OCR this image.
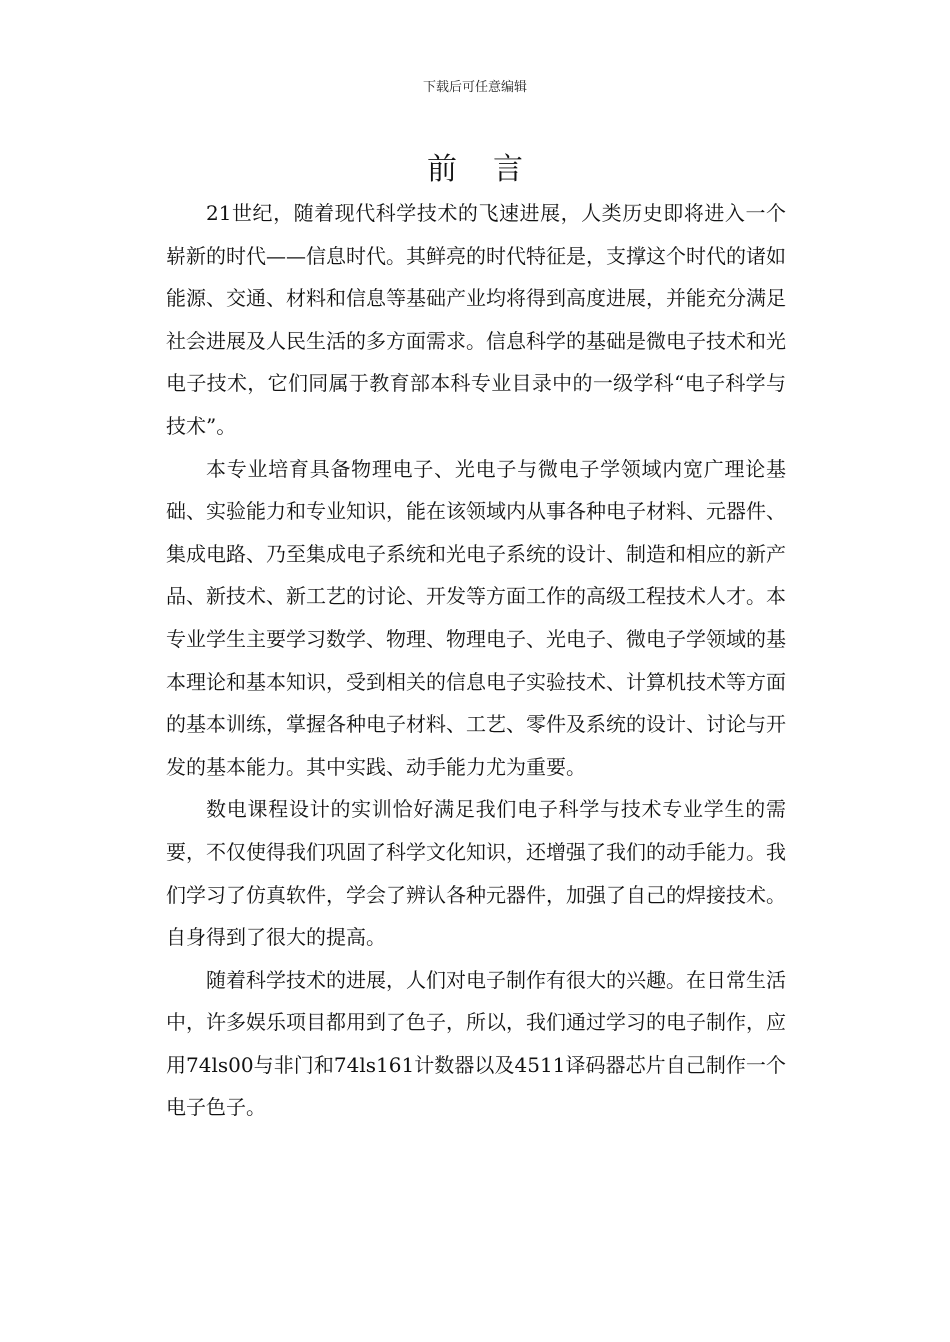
下载后可任意编辑
前言

21世纪，随着现代科学技术的飞速进展，人类历史即将进入一个崭新的时代——信息时代。其鲜亮的时代特征是，支撑这个时代的诸如能源、交通、材料和信息等基础产业均将得到高度进展，并能充分满足社会进展及人民生活的多方面需求。信息科学的基础是微电子技术和光电子技术，它们同属于教育部本科专业目录中的一级学科“电子科学与技术”。

本专业培育具备物理电子、光电子与微电子学领域内宽广理论基础、实验能力和专业知识，能在该领域内从事各种电子材料、元器件、集成电路、乃至集成电子系统和光电子系统的设计、制造和相应的新产品、新技术、新工艺的讨论、开发等方面工作的高级工程技术人才。本专业学生主要学习数学、物理、物理电子、光电子、微电子学领域的基本理论和基本知识，受到相关的信息电子实验技术、计算机技术等方面的基本训练，掌握各种电子材料、工艺、零件及系统的设计、讨论与开发的基本能力。其中实践、动手能力尤为重要。

数电课程设计的实训恰好满足我们电子科学与技术专业学生的需要，不仅使得我们巩固了科学文化知识，还增强了我们的动手能力。我们学习了仿真软件，学会了辨认各种元器件，加强了自己的焊接技术。自身得到了很大的提高。

随着科学技术的进展，人们对电子制作有很大的兴趣。在日常生活中，许多娱乐项目都用到了色子，所以，我们通过学习的电子制作，应用74ls00与非门和74ls161计数器以及4511译码器芯片自己制作一个电子色子。
